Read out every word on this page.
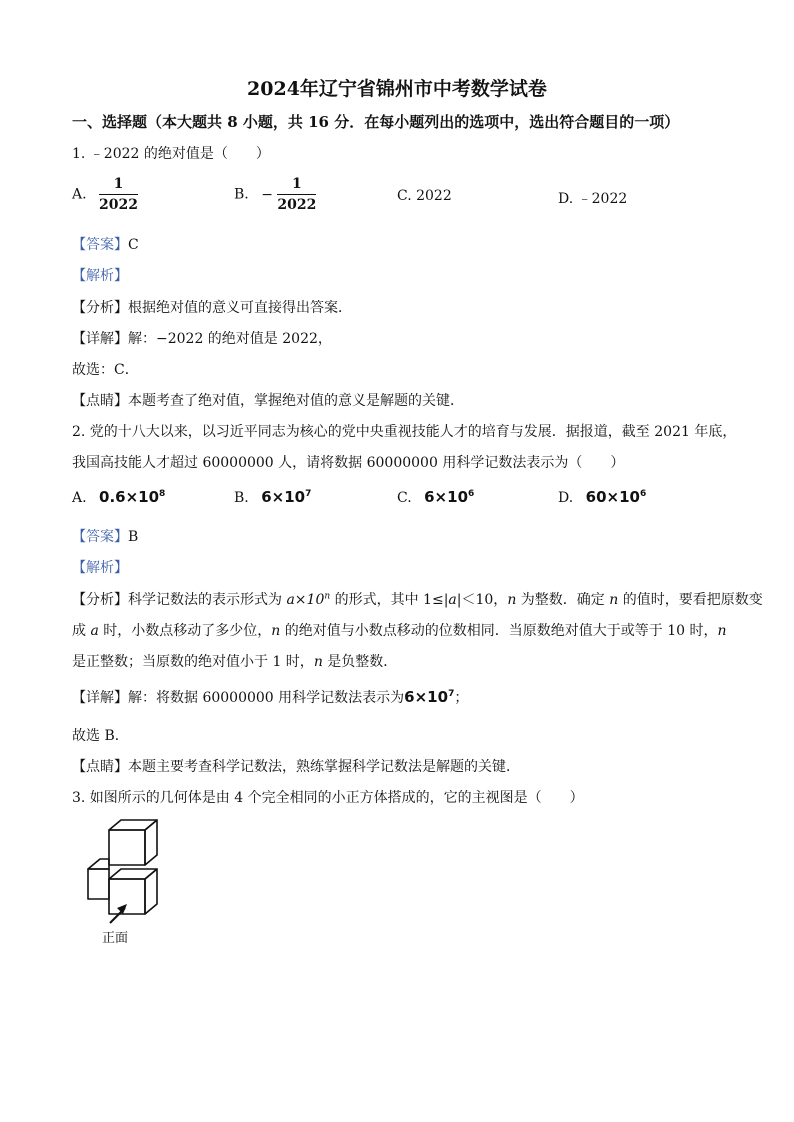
2024年辽宁省锦州市中考数学试卷
一、选择题（本大题共 8 小题，共 16 分．在每小题列出的选项中，选出符合题目的一项）
1. ﹣2022 的绝对值是（　　）
A. $\frac{1}{2022}$	B. − $\frac{1}{2022}$	C. 2022	D. ﹣2022
【答案】C
【解析】
【分析】根据绝对值的意义可直接得出答案．
【详解】解：−2022 的绝对值是 2022，
故选：C．
【点睛】本题考查了绝对值，掌握绝对值的意义是解题的关键．
2. 党的十八大以来，以习近平同志为核心的党中央重视技能人才的培育与发展．据报道，截至 2021 年底，
我国高技能人才超过 60000000 人，请将数据 60000000 用科学记数法表示为（　　）
A. $0.6\times 10^8$	B. $6\times 10^7$	C. $6\times 10^6$	D. $60\times 10^6$
【答案】B
【解析】
【分析】科学记数法的表示形式为 $a\times 10^n$ 的形式，其中 1≤|a|＜10，n 为整数．确定 n 的值时，要看把原数变
成 a 时，小数点移动了多少位，n 的绝对值与小数点移动的位数相同．当原数绝对值大于或等于 10 时，n
是正整数；当原数的绝对值小于 1 时，n 是负整数．
【详解】解：将数据 60000000 用科学记数法表示为$6\times 10^7$；
故选 B．
【点睛】本题主要考查科学记数法，熟练掌握科学记数法是解题的关键．
3. 如图所示的几何体是由 4 个完全相同的小正方体搭成的，它的主视图是（　　）
正面
